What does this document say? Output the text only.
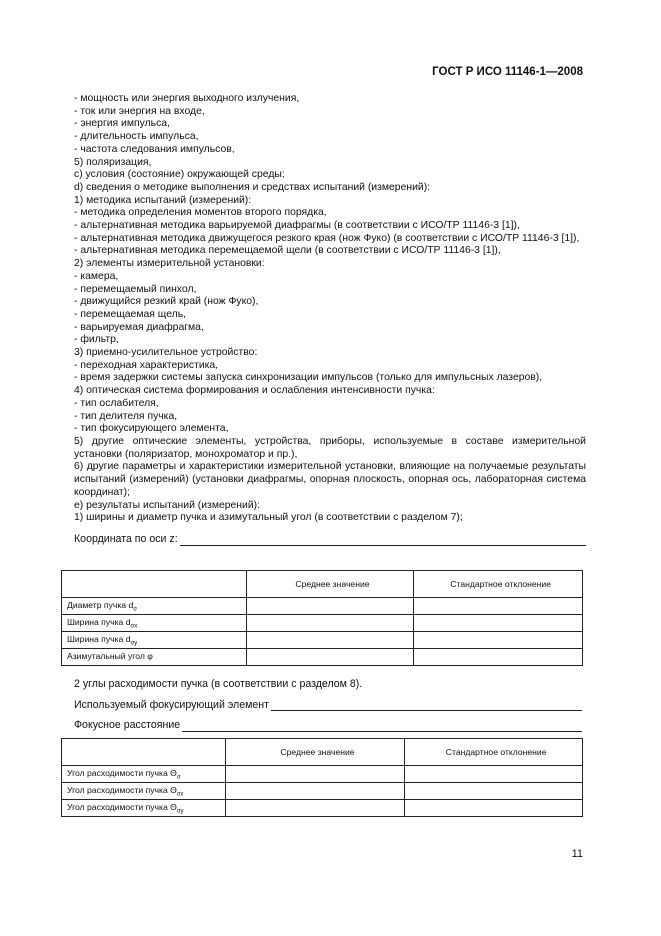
ГОСТ Р ИСО 11146-1—2008

- мощность или энергия выходного излучения,

- ток или энергия на входе,

- энергия импульса,

- длительность импульса,

- частота следования импульсов,

5) поляризация,

c) условия (состояние) окружающей среды;

d) сведения о методике выполнения и средствах испытаний (измерений):

1) методика испытаний (измерений):

- методика определения моментов второго порядка,

- альтернативная методика варьируемой диафрагмы (в соответствии с ИСО/ТР 11146-3 [1]),

- альтернативная методика движущегося резкого края (нож Фуко) (в соответствии с ИСО/ТР 11146-3 [1]),

- альтернативная методика перемещаемой щели (в соответствии с ИСО/ТР 11146-3 [1]),

2) элементы измерительной установки:

- камера,

- перемещаемый пинхол,

- движущийся резкий край (нож Фуко),

- перемещаемая щель,

- варьируемая диафрагма,

- фильтр,

3) приемно-усилительное устройство:

- переходная характеристика,

- время задержки системы запуска синхронизации импульсов (только для импульсных лазеров),

4) оптическая система формирования и ослабления интенсивности пучка:

- тип ослабителя,

- тип делителя пучка,

- тип фокусирующего элемента,

5) другие оптические элементы, устройства, приборы, используемые в составе измерительной установки (поляризатор, монохроматор и пр.),

6) другие параметры и характеристики измерительной установки, влияющие на получаемые результаты испытаний (измерений) (установки диафрагмы, опорная плоскость, опорная ось, лабораторная система координат);

e) результаты испытаний (измерений):

1) ширины и диаметр пучка и азимутальный угол (в соответствии с разделом 7);

Координата по оси z :
	Среднее значение	Стандартное отклонение
Диаметр пучка $d_\sigma$		
Ширина пучка $d_{\sigma x}$		
Ширина пучка $d_{\sigma y}$		
Азимутальный угол φ		

2 углы расходимости пучка (в соответствии с разделом 8).

Используемый фокусирующий элемент
Фокусное расстояние
	Среднее значение	Стандартное отклонение
Угол расходимости пучка $\Theta_\sigma$		
Угол расходимости пучка $\Theta_{\sigma x}$		
Угол расходимости пучка $\Theta_{\sigma y}$		
11
